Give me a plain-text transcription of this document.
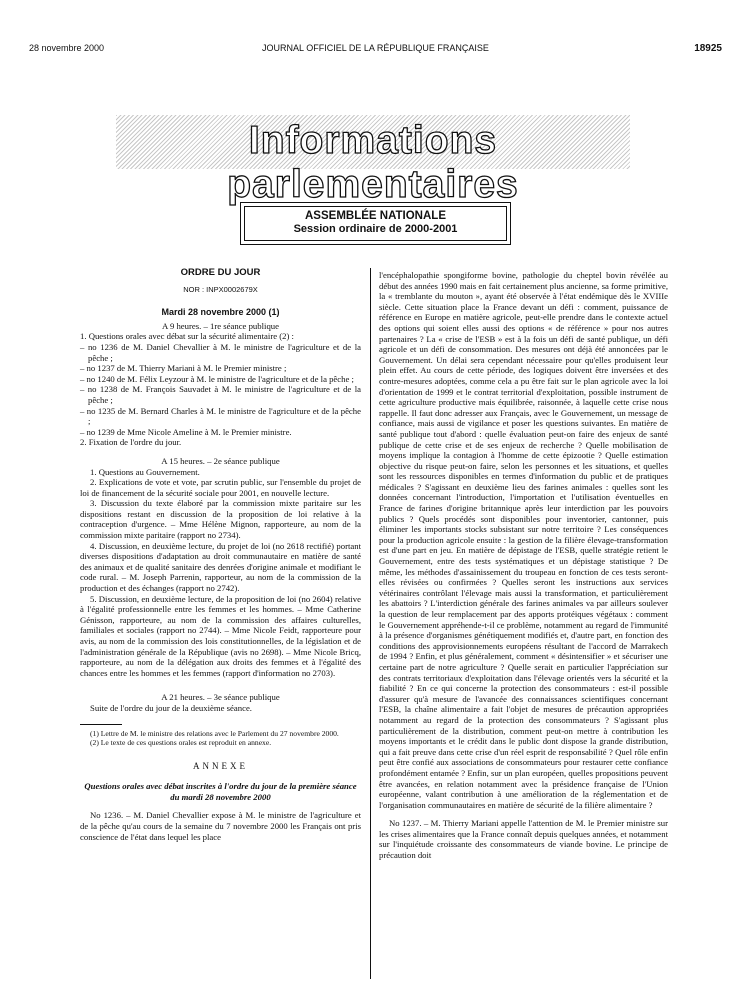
28 novembre 2000	JOURNAL OFFICIEL DE LA RÉPUBLIQUE FRANÇAISE	18925
Informations parlementaires
ASSEMBLÉE NATIONALE
Session ordinaire de 2000-2001
ORDRE DU JOUR
NOR : INPX0002679X
Mardi 28 novembre 2000 (1)

A 9 heures. – 1re séance publique

1. Questions orales avec débat sur la sécurité alimentaire (2) :

– no 1236 de M. Daniel Chevallier à M. le ministre de l'agriculture et de la pêche ;

– no 1237 de M. Thierry Mariani à M. le Premier ministre ;

– no 1240 de M. Félix Leyzour à M. le ministre de l'agriculture et de la pêche ;

– no 1238 de M. François Sauvadet à M. le ministre de l'agriculture et de la pêche ;

– no 1235 de M. Bernard Charles à M. le ministre de l'agriculture et de la pêche ;

– no 1239 de Mme Nicole Ameline à M. le Premier ministre.

2. Fixation de l'ordre du jour.

A 15 heures. – 2e séance publique

1. Questions au Gouvernement.

2. Explications de vote et vote, par scrutin public, sur l'ensemble du projet de loi de financement de la sécurité sociale pour 2001, en nouvelle lecture.

3. Discussion du texte élaboré par la commission mixte paritaire sur les dispositions restant en discussion de la proposition de loi relative à la contraception d'urgence. – Mme Hélène Mignon, rapporteure, au nom de la commission mixte paritaire (rapport no 2734).

4. Discussion, en deuxième lecture, du projet de loi (no 2618 rectifié) portant diverses dispositions d'adaptation au droit communautaire en matière de santé des animaux et de qualité sanitaire des denrées d'origine animale et modifiant le code rural. – M. Joseph Parrenin, rapporteur, au nom de la commission de la production et des échanges (rapport no 2742).

5. Discussion, en deuxième lecture, de la proposition de loi (no 2604) relative à l'égalité professionnelle entre les femmes et les hommes. – Mme Catherine Génisson, rapporteure, au nom de la commission des affaires culturelles, familiales et sociales (rapport no 2744). – Mme Nicole Feidt, rapporteure pour avis, au nom de la commission des lois constitutionnelles, de la législation et de l'administration générale de la République (avis no 2698). – Mme Nicole Bricq, rapporteure, au nom de la délégation aux droits des femmes et à l'égalité des chances entre les hommes et les femmes (rapport d'information no 2703).

A 21 heures. – 3e séance publique

Suite de l'ordre du jour de la deuxième séance.

(1) Lettre de M. le ministre des relations avec le Parlement du 27 novembre 2000.

(2) Le texte de ces questions orales est reproduit en annexe.

ANNEXE

Questions orales avec débat inscrites à l'ordre du jour de la première séance du mardi 28 novembre 2000

No 1236. – M. Daniel Chevallier expose à M. le ministre de l'agriculture et de la pêche qu'au cours de la semaine du 7 novembre 2000 les Français ont pris conscience de l'état dans lequel les place

l'encéphalopathie spongiforme bovine, pathologie du cheptel bovin révélée au début des années 1990 mais en fait certainement plus ancienne, sa forme primitive, la « tremblante du mouton », ayant été observée à l'état endémique dès le XVIIIe siècle. Cette situation place la France devant un défi : comment, puissance de référence en Europe en matière agricole, peut-elle prendre dans le contexte actuel des options qui soient elles aussi des options « de référence » pour nos autres partenaires ? La « crise de l'ESB » est à la fois un défi de santé publique, un défi agricole et un défi de consommation. Des mesures ont déjà été annoncées par le Gouvernement. Un délai sera cependant nécessaire pour qu'elles produisent leur plein effet. Au cours de cette période, des logiques doivent être inversées et des contre-mesures adoptées, comme cela a pu être fait sur le plan agricole avec la loi d'orientation de 1999 et le contrat territorial d'exploitation, possible instrument de cette agriculture productive mais équilibrée, raisonnée, à laquelle cette crise nous rappelle. Il faut donc adresser aux Français, avec le Gouvernement, un message de confiance, mais aussi de vigilance et poser les questions suivantes. En matière de santé publique tout d'abord : quelle évaluation peut-on faire des enjeux de santé publique de cette crise et de ses enjeux de recherche ? Quelle mobilisation de moyens implique la contagion à l'homme de cette épizootie ? Quelle estimation objective du risque peut-on faire, selon les personnes et les situations, et quelles sont les ressources disponibles en termes d'information du public et de pratiques médicales ? S'agissant en deuxième lieu des farines animales : quelles sont les données concernant l'introduction, l'importation et l'utilisation éventuelles en France de farines d'origine britannique après leur interdiction par les pouvoirs publics ? Quels procédés sont disponibles pour inventorier, cantonner, puis éliminer les importants stocks subsistant sur notre territoire ? Les conséquences pour la production agricole ensuite : la gestion de la filière élevage-transformation est d'une part en jeu. En matière de dépistage de l'ESB, quelle stratégie retient le Gouvernement, entre des tests systématiques et un dépistage statistique ? De même, les méthodes d'assainissement du troupeau en fonction de ces tests seront-elles révisées ou confirmées ? Quelles seront les instructions aux services vétérinaires contrôlant l'élevage mais aussi la transformation, et particulièrement les abattoirs ? L'interdiction générale des farines animales va par ailleurs soulever la question de leur remplacement par des apports protéiques végétaux : comment le Gouvernement appréhende-t-il ce problème, notamment au regard de l'immunité à la présence d'organismes génétiquement modifiés et, d'autre part, en fonction des conditions des approvisionnements européens résultant de l'accord de Marrakech de 1994 ? Enfin, et plus généralement, comment « désintensifier » et sécuriser une certaine part de notre agriculture ? Quelle serait en particulier l'appréciation sur des contrats territoriaux d'exploitation dans l'élevage orientés vers la sécurité et la fiabilité ? En ce qui concerne la protection des consommateurs : est-il possible d'assurer qu'à mesure de l'avancée des connaissances scientifiques concernant l'ESB, la chaîne alimentaire a fait l'objet de mesures de précaution appropriées notamment au regard de la protection des consommateurs ? S'agissant plus particulièrement de la distribution, comment peut-on mettre à contribution les moyens importants et le crédit dans le public dont dispose la grande distribution, qui a fait preuve dans cette crise d'un réel esprit de responsabilité ? Quel rôle enfin peut être confié aux associations de consommateurs pour restaurer cette confiance profondément entamée ? Enfin, sur un plan européen, quelles propositions peuvent être avancées, en relation notamment avec la présidence française de l'Union européenne, valant contribution à une amélioration de la réglementation et de l'organisation communautaires en matière de sécurité de la filière alimentaire ?

No 1237. – M. Thierry Mariani appelle l'attention de M. le Premier ministre sur les crises alimentaires que la France connaît depuis quelques années, et notamment sur l'inquiétude croissante des consommateurs de viande bovine. Le principe de précaution doit
